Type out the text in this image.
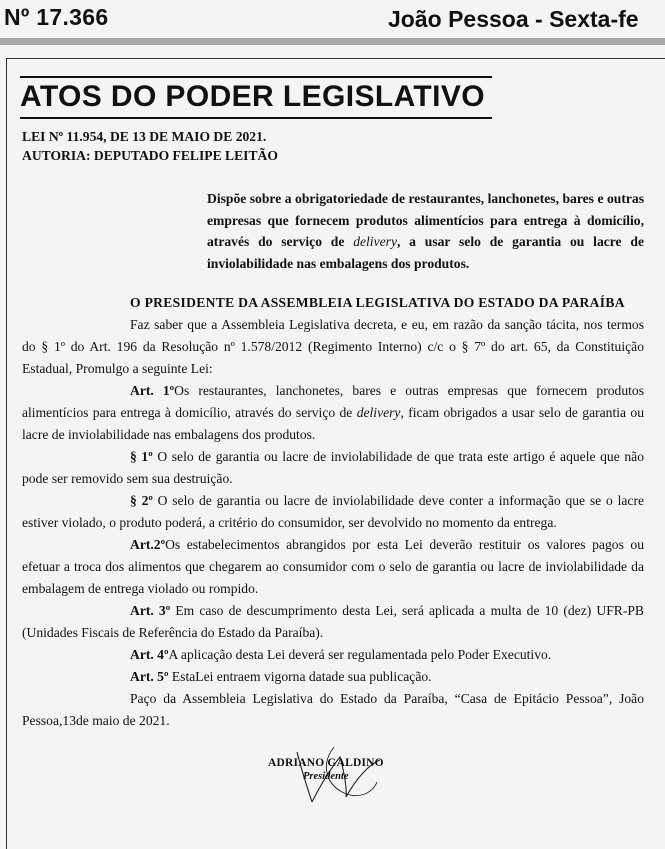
Nº 17.366	João Pessoa - Sexta-fe
ATOS DO PODER LEGISLATIVO
LEI Nº 11.954, DE 13 DE MAIO DE 2021.
AUTORIA: DEPUTADO FELIPE LEITÃO
Dispõe sobre a obrigatoriedade de restaurantes, lanchonetes, bares e outras empresas que fornecem produtos alimentícios para entrega à domicílio, através do serviço de delivery, a usar selo de garantia ou lacre de inviolabilidade nas embalagens dos produtos.

O PRESIDENTE DA ASSEMBLEIA LEGISLATIVA DO ESTADO DA PARAÍBA

Faz saber que a Assembleia Legislativa decreta, e eu, em razão da sanção tácita, nos termos do § 1º do Art. 196 da Resolução nº 1.578/2012 (Regimento Interno) c/c o § 7º do art. 65, da Constituição Estadual, Promulgo a seguinte Lei:

Art. 1ºOs restaurantes, lanchonetes, bares e outras empresas que fornecem produtos alimentícios para entrega à domicílio, através do serviço de delivery, ficam obrigados a usar selo de garantia ou lacre de inviolabilidade nas embalagens dos produtos.

§ 1º O selo de garantia ou lacre de inviolabilidade de que trata este artigo é aquele que não pode ser removido sem sua destruição.

§ 2º O selo de garantia ou lacre de inviolabilidade deve conter a informação que se o lacre estiver violado, o produto poderá, a critério do consumidor, ser devolvido no momento da entrega.

Art.2ºOs estabelecimentos abrangidos por esta Lei deverão restituir os valores pagos ou efetuar a troca dos alimentos que chegarem ao consumidor com o selo de garantia ou lacre de inviolabilidade da embalagem de entrega violado ou rompido.

Art. 3º Em caso de descumprimento desta Lei, será aplicada a multa de 10 (dez) UFR-PB (Unidades Fiscais de Referência do Estado da Paraíba).

Art. 4ºA aplicação desta Lei deverá ser regulamentada pelo Poder Executivo.

Art. 5º EstaLei entraem vigorna datade sua publicação.

Paço da Assembleia Legislativa do Estado da Paraíba, “Casa de Epitácio Pessoa”, João Pessoa,13de maio de 2021.

ADRIANO GALDINO
Presidente
